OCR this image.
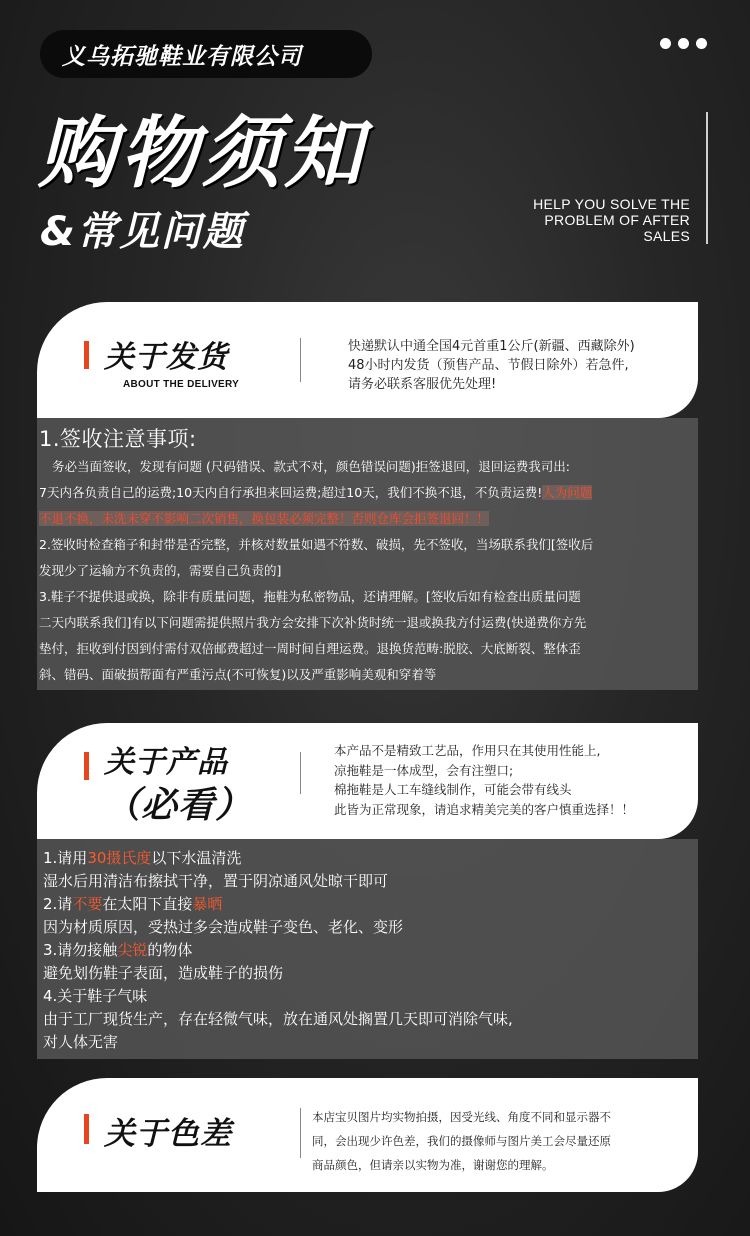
义乌拓驰鞋业有限公司
购物须知
&常见问题
HELP YOU SOLVE THE
PROBLEM OF AFTER
SALES
关于发货
ABOUT THE DELIVERY
快递默认中通全国4元首重1公斤(新疆、西藏除外)
48小时内发货（预售产品、节假日除外）若急件,
请务必联系客服优先处理!
1.签收注意事项:
务必当面签收，发现有问题 (尺码错误、款式不对，颜色错误问题)拒签退回，退回运费我司出:
7天内各负责自己的运费;10天内自行承担来回运费;超过10天，我们不换不退，不负责运费!人为问题
不退不换，未洗未穿不影响二次销售，换包装必须完整！否则仓库会拒签退回！！
2.签收时检查箱子和封带是否完整，并核对数量如遇不符数、破损，先不签收，当场联系我们[签收后
发现少了运输方不负责的，需要自己负责的]
3.鞋子不提供退或换，除非有质量问题，拖鞋为私密物品，还请理解。[签收后如有检查出质量问题
二天内联系我们]有以下问题需提供照片我方会安排下次补货时统一退或换我方付运费(快递费你方先
垫付，拒收到付因到付需付双倍邮费超过一周时间自理运费。退换货范畴:脱胶、大底断裂、整体歪
斜、错码、面破损帮面有严重污点(不可恢复)以及严重影响美观和穿着等
关于产品
（必看）
本产品不是精致工艺品，作用只在其使用性能上,
凉拖鞋是一体成型，会有注塑口;
棉拖鞋是人工车缝线制作，可能会带有线头
此皆为正常现象，请追求精美完美的客户慎重选择！！
1.请用30摄氏度以下水温清洗
湿水后用清洁布擦拭干净，置于阴凉通风处晾干即可
2.请不要在太阳下直接暴晒
因为材质原因，受热过多会造成鞋子变色、老化、变形
3.请勿接触尖锐的物体
避免划伤鞋子表面，造成鞋子的损伤
4.关于鞋子气味
由于工厂现货生产，存在轻微气味，放在通风处搁置几天即可消除气味,
对人体无害
关于色差	本店宝贝图片均实物拍摄，因受光线、角度不同和显示器不
同，会出现少许色差，我们的摄像师与图片美工会尽量还原
商品颜色，但请亲以实物为准，谢谢您的理解。
